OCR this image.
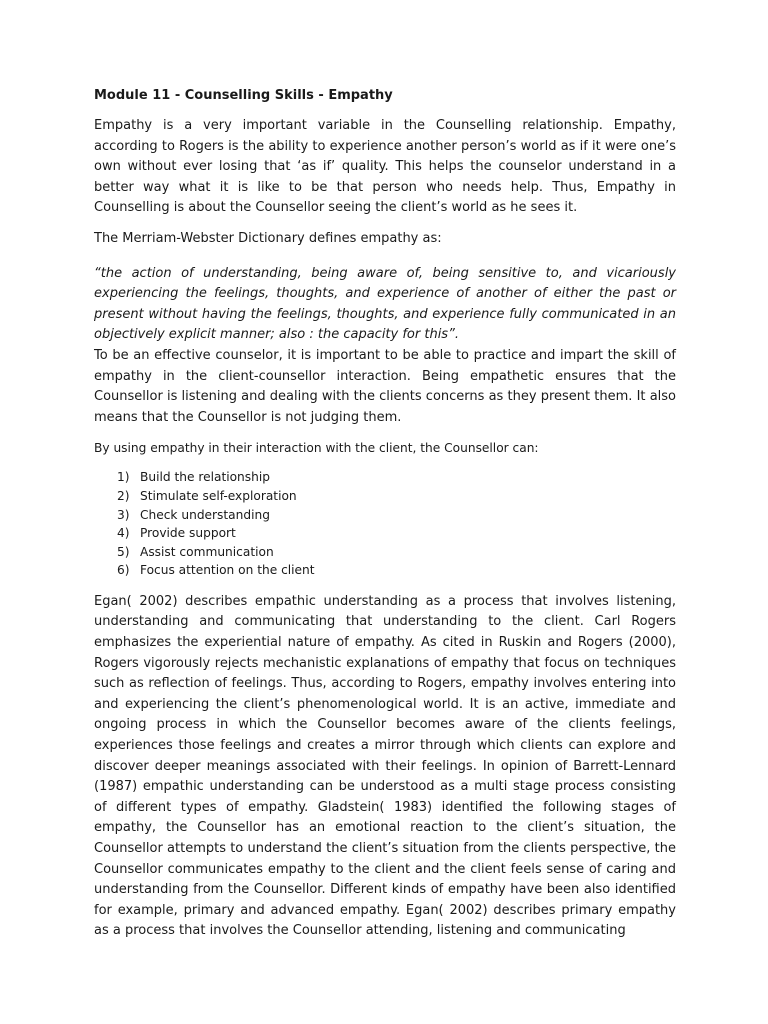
Module 11 - Counselling Skills - Empathy

Empathy is a very important variable in the Counselling relationship. Empathy, according to Rogers is the ability to experience another person’s world as if it were one’s own without ever losing that ‘as if’ quality. This helps the counselor understand in a better way what it is like to be that person who needs help. Thus, Empathy in Counselling is about the Counsellor seeing the client’s world as he sees it.

The Merriam-Webster Dictionary defines empathy as:

“the action of understanding, being aware of, being sensitive to, and vicariously experiencing the feelings, thoughts, and experience of another of either the past or present without having the feelings, thoughts, and experience fully communicated in an objectively explicit manner; also : the capacity for this”.

To be an effective counselor, it is important to be able to practice and impart the skill of empathy in the client-counsellor interaction. Being empathetic ensures that the Counsellor is listening and dealing with the clients concerns as they present them. It also means that the Counsellor is not judging them.

By using empathy in their interaction with the client, the Counsellor can:

1) Build the relationship
2) Stimulate self-exploration
3) Check understanding
4) Provide support
5) Assist communication
6) Focus attention on the client

Egan( 2002) describes empathic understanding as a process that involves listening, understanding and communicating that understanding to the client. Carl Rogers emphasizes the experiential nature of empathy. As cited in Ruskin and Rogers (2000), Rogers vigorously rejects mechanistic explanations of empathy that focus on techniques such as reflection of feelings. Thus, according to Rogers, empathy involves entering into and experiencing the client’s phenomenological world. It is an active, immediate and ongoing process in which the Counsellor becomes aware of the clients feelings, experiences those feelings and creates a mirror through which clients can explore and discover deeper meanings associated with their feelings. In opinion of Barrett-Lennard (1987) empathic understanding can be understood as a multi stage process consisting of different types of empathy. Gladstein( 1983) identified the following stages of empathy, the Counsellor has an emotional reaction to the client’s situation, the Counsellor attempts to understand the client’s situation from the clients perspective, the Counsellor communicates empathy to the client and the client feels sense of caring and understanding from the Counsellor. Different kinds of empathy have been also identified for example, primary and advanced empathy. Egan( 2002) describes primary empathy as a process that involves the Counsellor attending, listening and communicating
